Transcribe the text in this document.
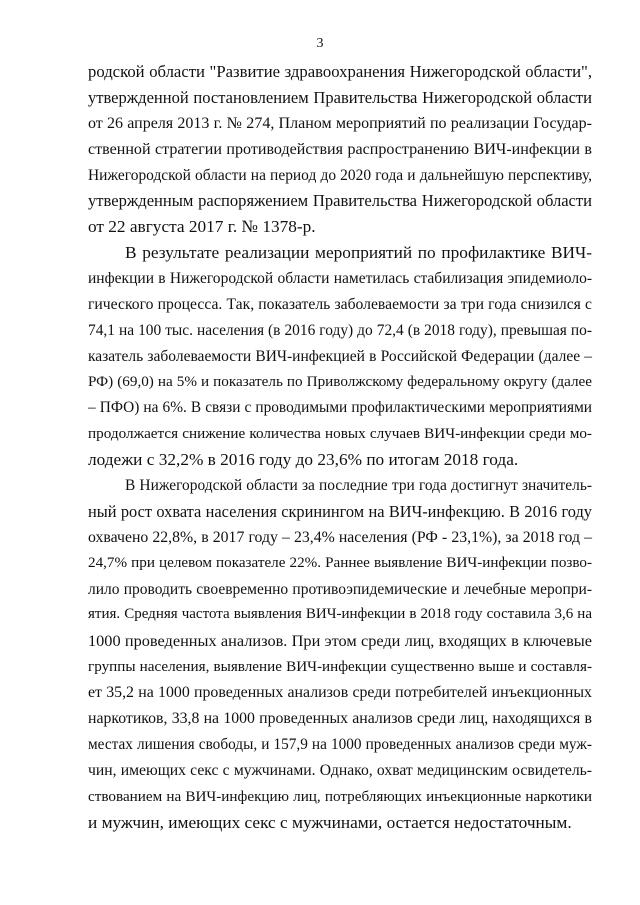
3
родской области "Развитие здравоохранения Нижегородской области",
утвержденной постановлением Правительства Нижегородской области
от 26 апреля 2013 г. № 274, Планом мероприятий по реализации Государ-
ственной стратегии противодействия распространению ВИЧ-инфекции в
Нижегородской области на период до 2020 года и дальнейшую перспективу,
утвержденным распоряжением Правительства Нижегородской области
от 22 августа 2017 г. № 1378-р.
В результате реализации мероприятий по профилактике ВИЧ-
инфекции в Нижегородской области наметилась стабилизация эпидемиоло-
гического процесса. Так, показатель заболеваемости за три года снизился с
74,1 на 100 тыс. населения (в 2016 году) до 72,4 (в 2018 году), превышая по-
казатель заболеваемости ВИЧ-инфекцией в Российской Федерации (далее –
РФ) (69,0) на 5% и показатель по Приволжскому федеральному округу (далее
– ПФО) на 6%. В связи с проводимыми профилактическими мероприятиями
продолжается снижение количества новых случаев ВИЧ-инфекции среди мо-
лодежи с 32,2% в 2016 году до 23,6% по итогам 2018 года.
В Нижегородской области за последние три года достигнут значитель-
ный рост охвата населения скринингом на ВИЧ-инфекцию. В 2016 году
охвачено 22,8%, в 2017 году – 23,4% населения (РФ - 23,1%), за 2018 год –
24,7% при целевом показателе 22%. Раннее выявление ВИЧ-инфекции позво-
лило проводить своевременно противоэпидемические и лечебные меропри-
ятия. Средняя частота выявления ВИЧ-инфекции в 2018 году составила 3,6 на
1000 проведенных анализов. При этом среди лиц, входящих в ключевые
группы населения, выявление ВИЧ-инфекции существенно выше и составля-
ет 35,2 на 1000 проведенных анализов среди потребителей инъекционных
наркотиков, 33,8 на 1000 проведенных анализов среди лиц, находящихся в
местах лишения свободы, и 157,9 на 1000 проведенных анализов среди муж-
чин, имеющих секс с мужчинами. Однако, охват медицинским освидетель-
ствованием на ВИЧ-инфекцию лиц, потребляющих инъекционные наркотики
и мужчин, имеющих секс с мужчинами, остается недостаточным.
